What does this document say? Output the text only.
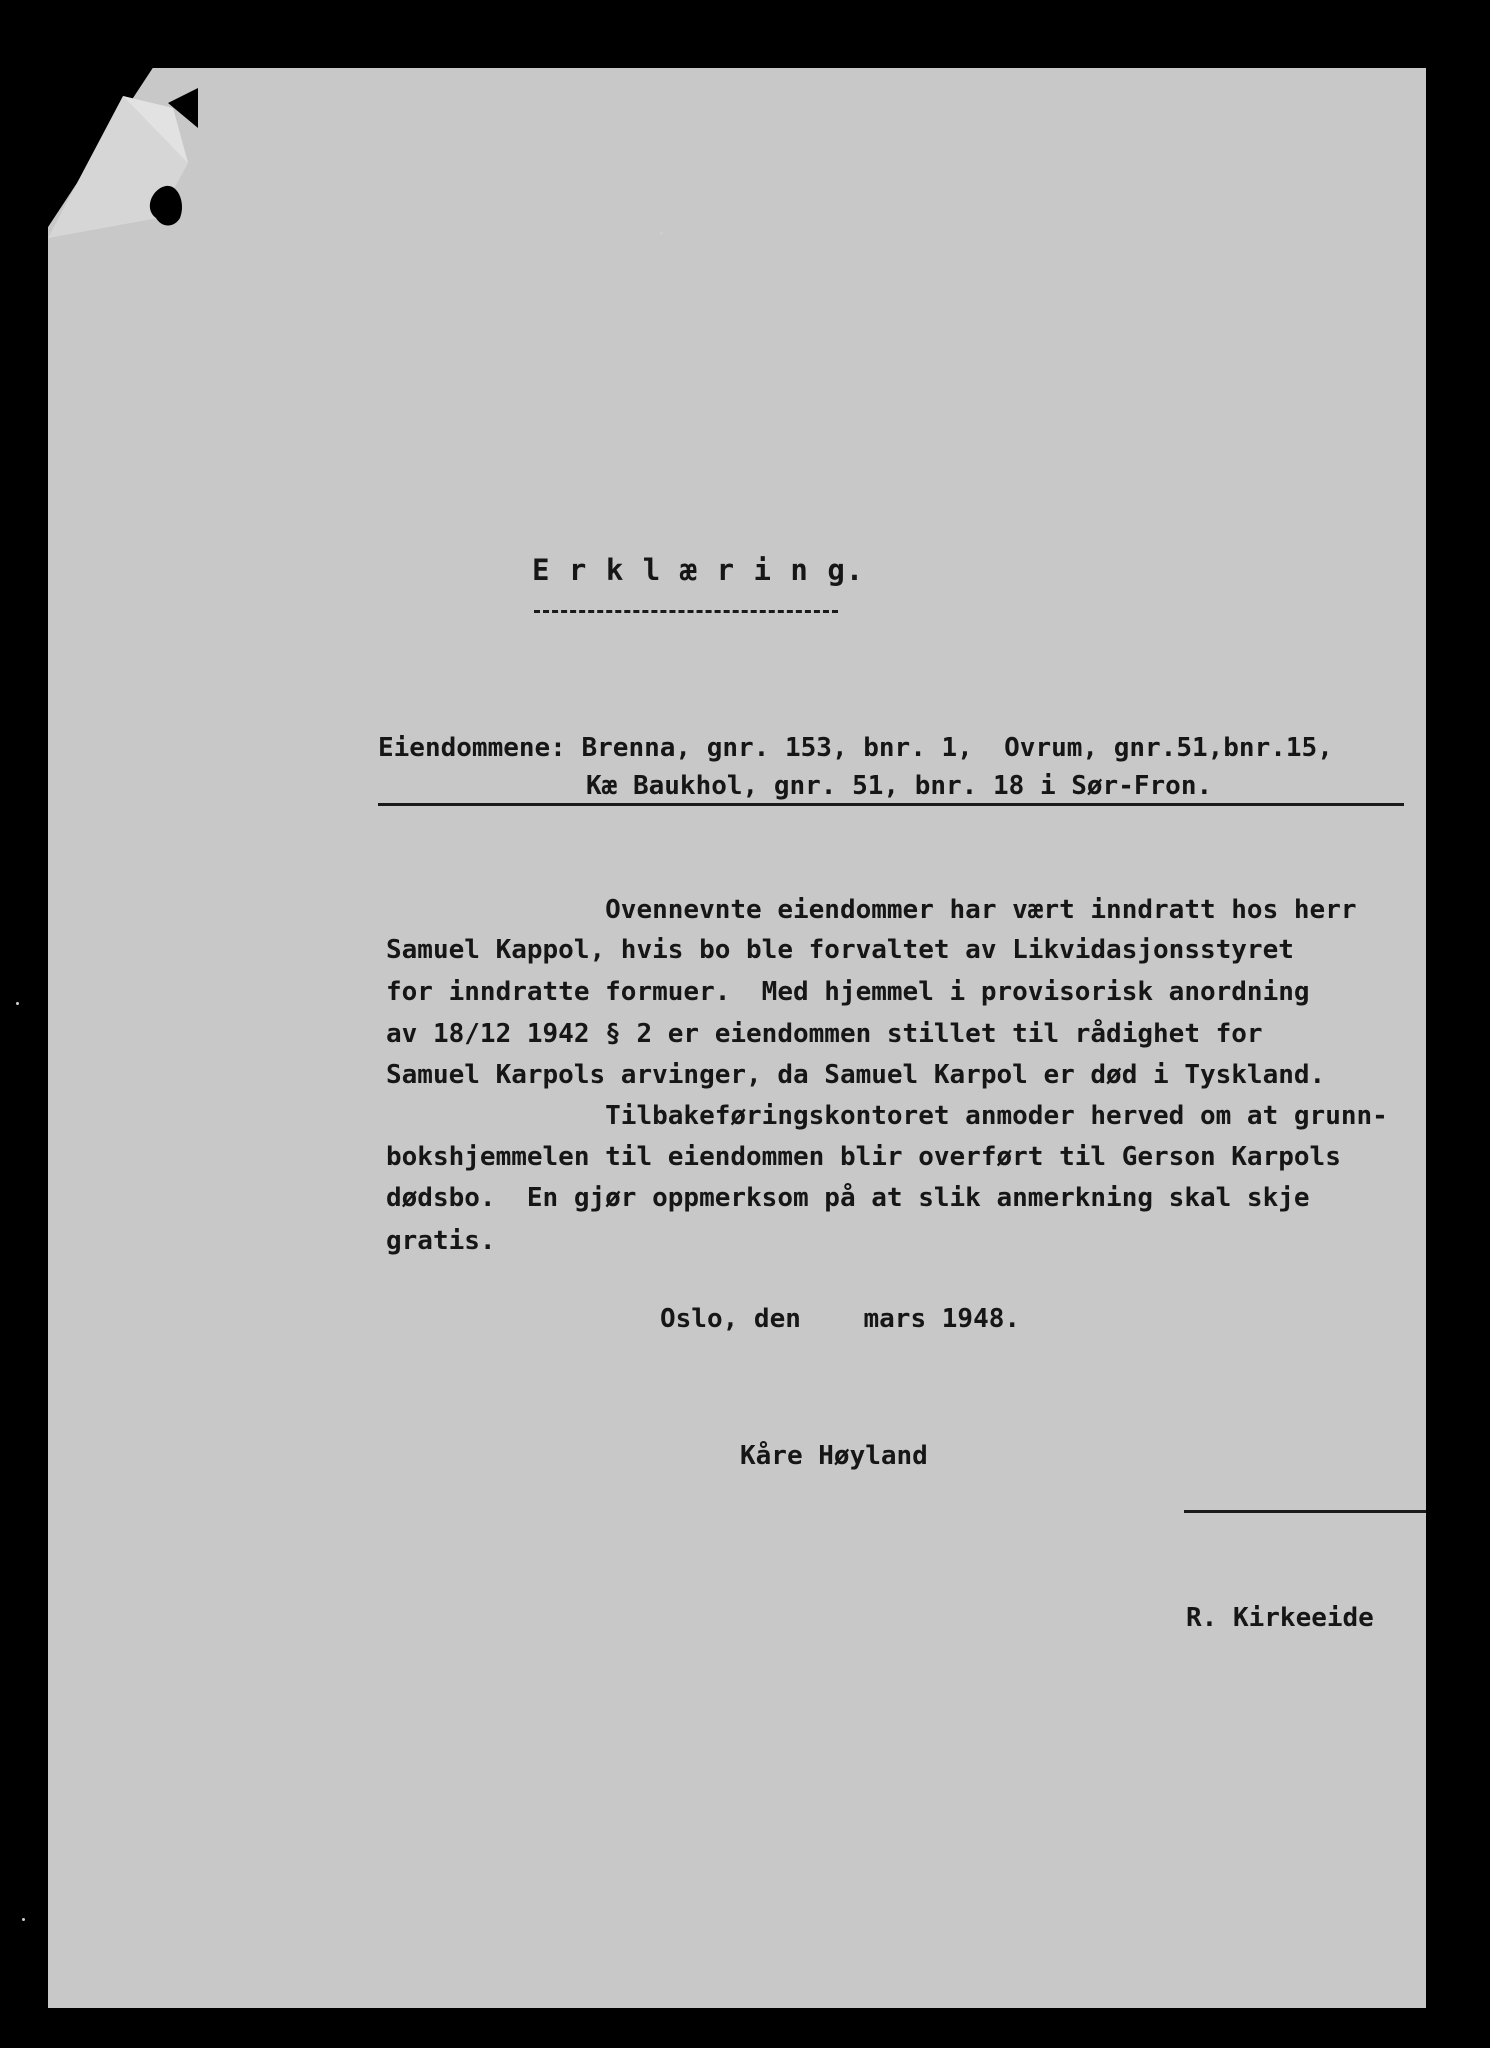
E r k l æ r i n g.
Eiendommene: Brenna, gnr. 153, bnr. 1,  Ovrum, gnr.51,bnr.15,
Kæ Baukhol, gnr. 51, bnr. 18 i Sør-Fron.
Ovennevnte eiendommer har vært inndratt hos herr
Samuel Kappol, hvis bo ble forvaltet av Likvidasjonsstyret
for inndratte formuer.  Med hjemmel i provisorisk anordning
av 18/12 1942 § 2 er eiendommen stillet til rådighet for
Samuel Karpols arvinger, da Samuel Karpol er død i Tyskland.
Tilbakeføringskontoret anmoder herved om at grunn-
bokshjemmelen til eiendommen blir overført til Gerson Karpols
dødsbo.  En gjør oppmerksom på at slik anmerkning skal skje
gratis.
Oslo, den    mars 1948.
Kåre Høyland
R. Kirkeeide
